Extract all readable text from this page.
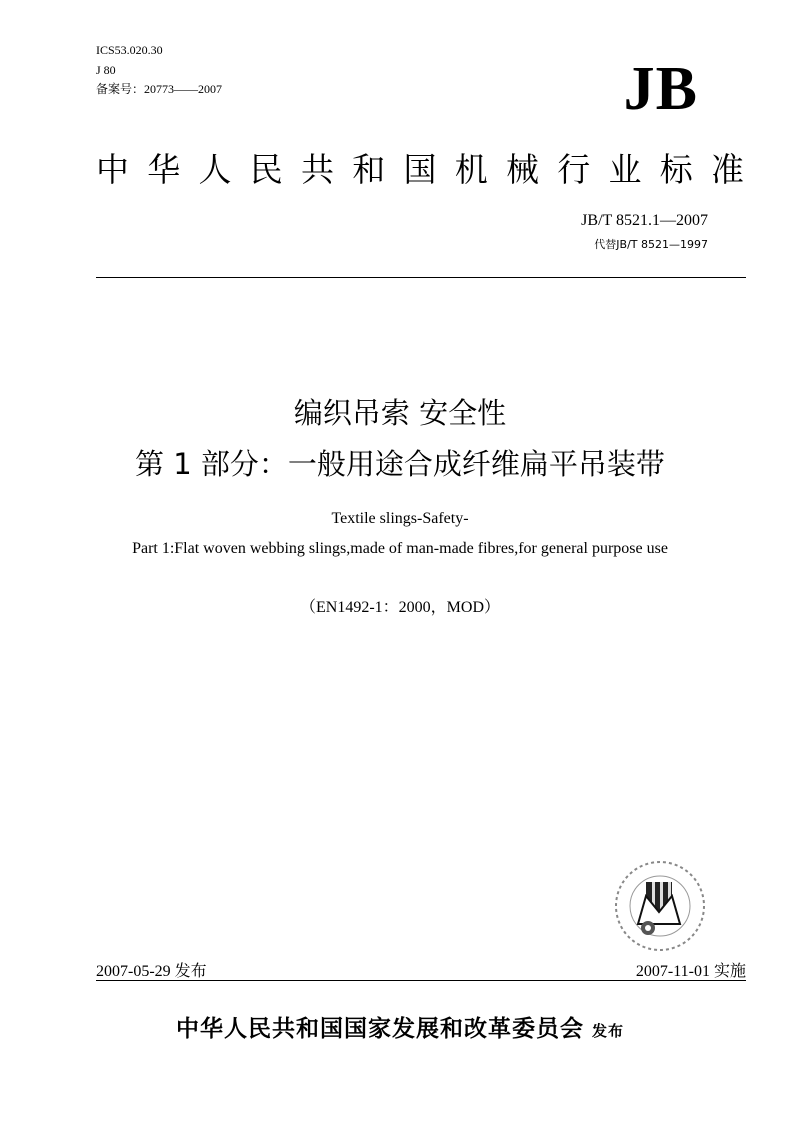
ICS53.020.30
J 80
备案号：20773——2007	JB
中华人民共和国机械行业标准
JB/T 8521.1—2007
代替JB/T 8521—1997
编织吊索 安全性
第 1 部分：一般用途合成纤维扁平吊装带
Textile slings-Safety-
Part 1:Flat woven webbing slings,made of man-made fibres,for general purpose use
（EN1492-1：2000，MOD）
2007-05-29 发布	2007-11-01 实施
中华人民共和国国家发展和改革委员会 发布
